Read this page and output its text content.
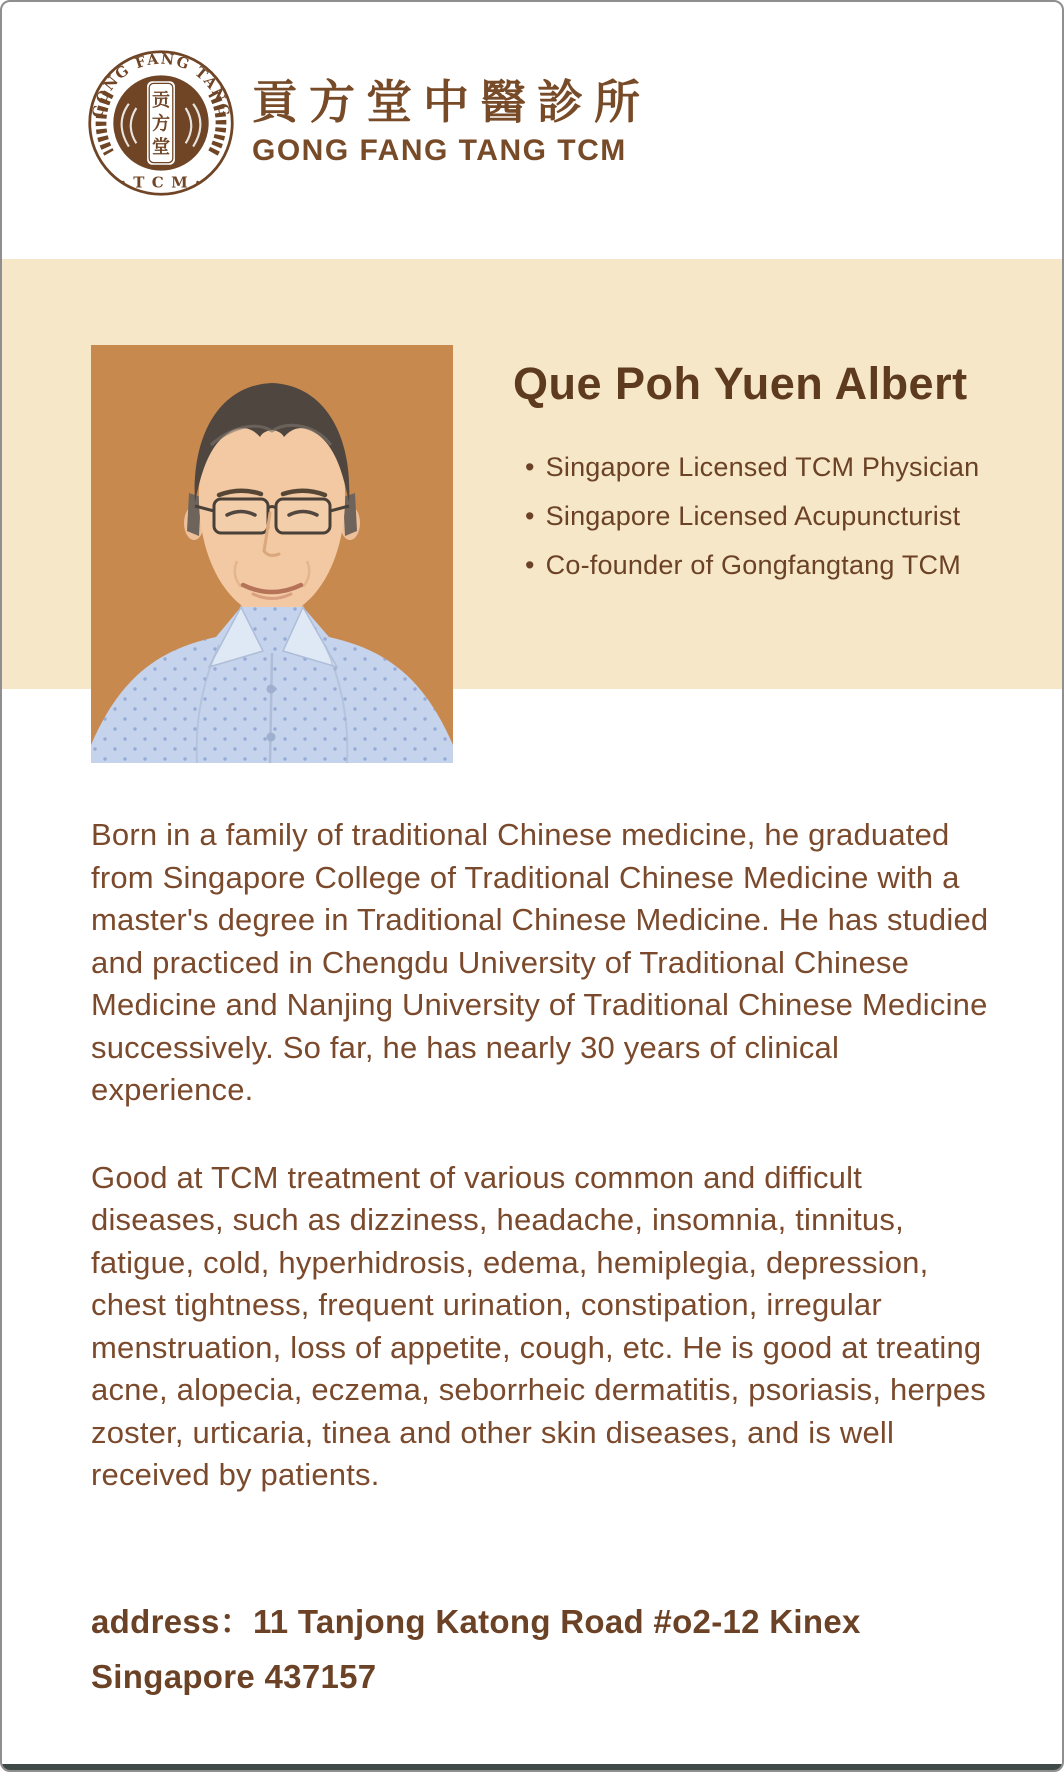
GONG FANG TANG
贡
方
堂
· T C M ·
貢方堂中醫診所
GONG FANG TANG TCM
Que Poh Yuen Albert
• Singapore Licensed TCM Physician
• Singapore Licensed Acupuncturist
• Co-founder of Gongfangtang TCM

Born in a family of traditional Chinese medicine, he graduated from Singapore College of Traditional Chinese Medicine with a master's degree in Traditional Chinese Medicine. He has studied and practiced in Chengdu University of Traditional Chinese Medicine and Nanjing University of Traditional Chinese Medicine successively. So far, he has nearly 30 years of clinical experience.

Good at TCM treatment of various common and difficult diseases, such as dizziness, headache, insomnia, tinnitus, fatigue, cold, hyperhidrosis, edema, hemiplegia, depression, chest tightness, frequent urination, constipation, irregular menstruation, loss of appetite, cough, etc. He is good at treating acne, alopecia, eczema, seborrheic dermatitis, psoriasis, herpes zoster, urticaria, tinea and other skin diseases, and is well received by patients.

address：11 Tanjong Katong Road #o2-12 Kinex
Singapore 437157
